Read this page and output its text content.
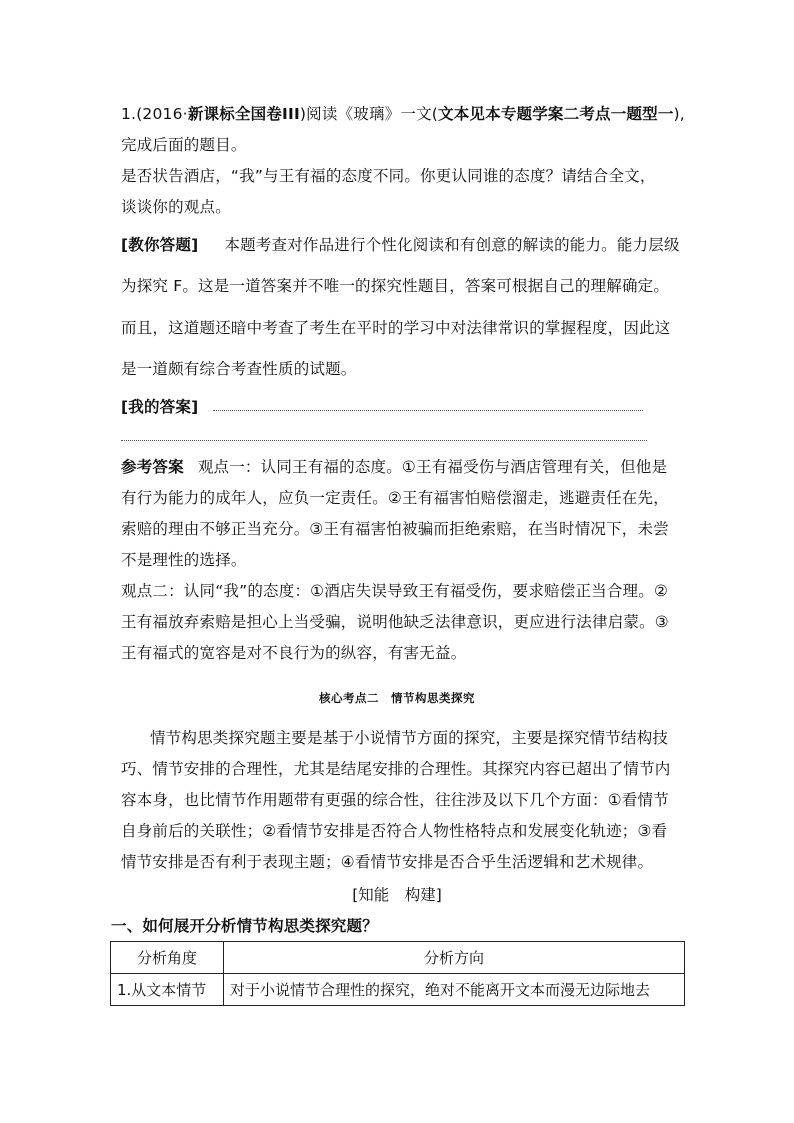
1.(2016·新课标全国卷III)阅读《玻璃》一文(文本见本专题学案二考点一题型一),
完成后面的题目。
是否状告酒店，“我”与王有福的态度不同。你更认同谁的态度？请结合全文，
谈谈你的观点。
[教你答题] 本题考查对作品进行个性化阅读和有创意的解读的能力。能力层级
为探究 F。这是一道答案并不唯一的探究性题目，答案可根据自己的理解确定。
而且，这道题还暗中考查了考生在平时的学习中对法律常识的掌握程度，因此这
是一道颇有综合考查性质的试题。
[我的答案]
参考答案 观点一：认同王有福的态度。①王有福受伤与酒店管理有关，但他是
有行为能力的成年人，应负一定责任。②王有福害怕赔偿溜走，逃避责任在先，
索赔的理由不够正当充分。③王有福害怕被骗而拒绝索赔，在当时情况下，未尝
不是理性的选择。
观点二：认同“我”的态度：①酒店失误导致王有福受伤，要求赔偿正当合理。②
王有福放弃索赔是担心上当受骗，说明他缺乏法律意识，更应进行法律启蒙。③
王有福式的宽容是对不良行为的纵容，有害无益。
核心考点二　情节构思类探究
情节构思类探究题主要是基于小说情节方面的探究，主要是探究情节结构技
巧、情节安排的合理性，尤其是结尾安排的合理性。其探究内容已超出了情节内
容本身，也比情节作用题带有更强的综合性，往往涉及以下几个方面：①看情节
自身前后的关联性；②看情节安排是否符合人物性格特点和发展变化轨迹；③看
情节安排是否有利于表现主题；④看情节安排是否合乎生活逻辑和艺术规律。
[知能　构建]
一、如何展开分析情节构思类探究题？
分析角度	分析方向
1.从文本情节	对于小说情节合理性的探究，绝对不能离开文本而漫无边际地去
